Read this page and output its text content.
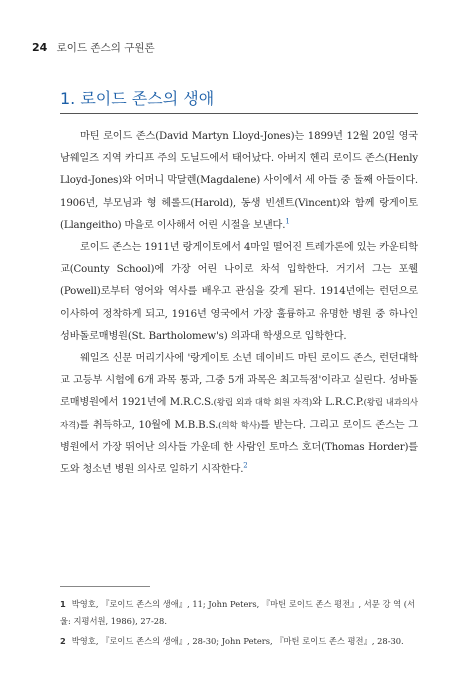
24 로이드 존스의 구원론
1. 로이드 존스의 생애

마틴 로이드 존스(David Martyn Lloyd-Jones)는 1899년 12월 20일 영국 남웨일즈 지역 카디프 주의 도닐드에서 태어났다. 아버지 헨리 로이드 존스(Henly Lloyd-Jones)와 어머니 막달렌(Magdalene) 사이에서 세 아들 중 둘째 아들이다. 1906년, 부모님과 형 헤롤드(Harold), 동생 빈센트(Vincent)와 함께 랑게이토(Llangeitho) 마을로 이사해서 어린 시절을 보낸다.$^1$

로이드 존스는 1911년 랑게이토에서 4마일 떨어진 트레가론에 있는 카운티학교(County School)에 가장 어린 나이로 차석 입학한다. 거기서 그는 포웰(Powell)로부터 영어와 역사를 배우고 관심을 갖게 된다. 1914년에는 런던으로 이사하여 정착하게 되고, 1916년 영국에서 가장 훌륭하고 유명한 병원 중 하나인 성바돌로매병원(St. Bartholomew's) 의과대 학생으로 입학한다.

웨일즈 신문 머리기사에 '랑게이토 소년 데이비드 마틴 로이드 존스, 런던대학교 고등부 시험에 6개 과목 통과, 그중 5개 과목은 최고득점'이라고 실린다. 성바돌로매병원에서 1921년에 M.R.C.S.(왕립 외과 대학 회원 자격)와 L.R.C.P.(왕립 내과의사 자격)를 취득하고, 10월에 M.B.B.S.(의학 학사)를 받는다. 그리고 로이드 존스는 그 병원에서 가장 뛰어난 의사들 가운데 한 사람인 토마스 호더(Thomas Horder)를 도와 청소년 병원 의사로 일하기 시작한다.$^2$

1 박영호, 『로이드 존스의 생애』, 11; John Peters, 『마틴 로이드 존스 평전』, 서문 강 역 (서울: 지평서원, 1986), 27-28.

2 박영호, 『로이드 존스의 생애』, 28-30; John Peters, 『마틴 로이드 존스 평전』, 28-30.
